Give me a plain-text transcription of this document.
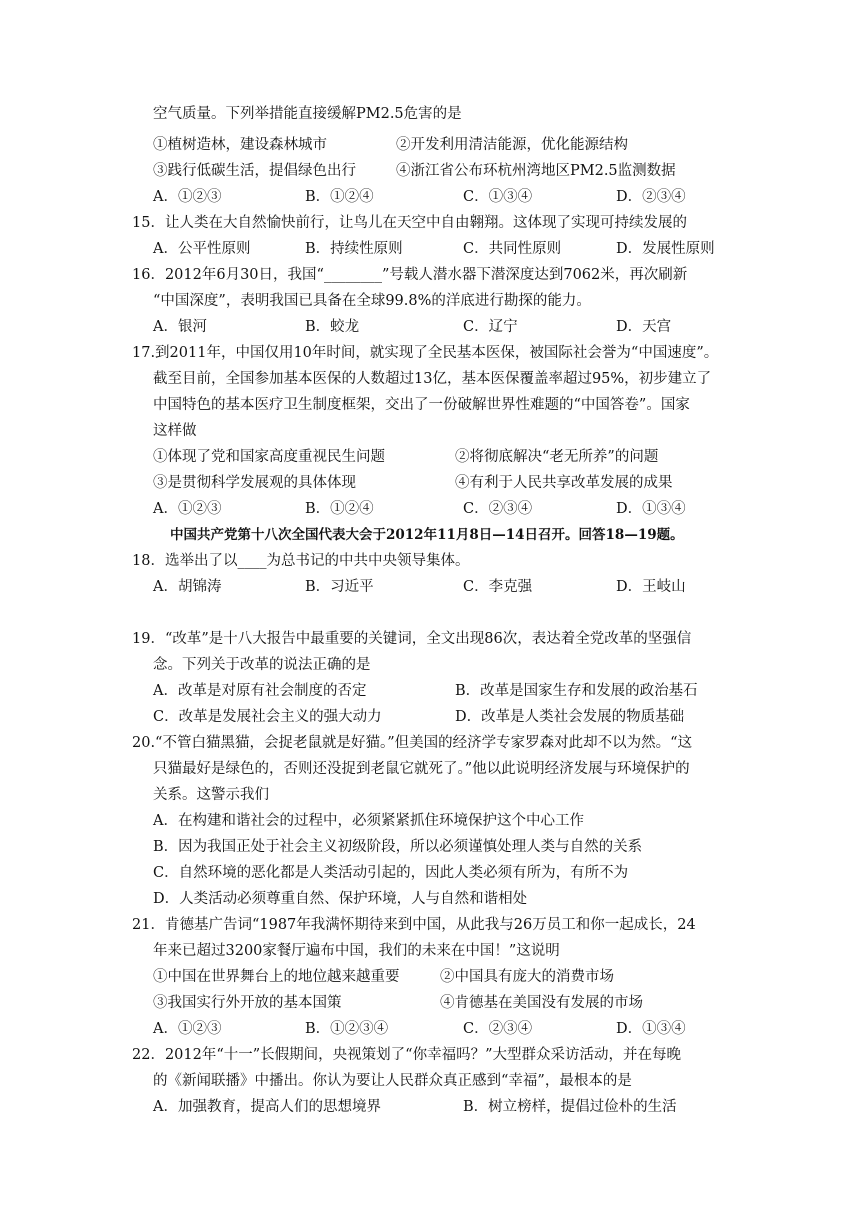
空气质量。下列举措能直接缓解PM2.5危害的是
①植树造林，建设森林城市	②开发利用清洁能源，优化能源结构
③践行低碳生活，提倡绿色出行	④浙江省公布环杭州湾地区PM2.5监测数据
A．①②③	B．①②④	C．①③④	D．②③④
15．让人类在大自然愉快前行，让鸟儿在天空中自由翱翔。这体现了实现可持续发展的
A．公平性原则	B．持续性原则	C．共同性原则	D．发展性原则
16．2012年6月30日，我国“________”号载人潜水器下潜深度达到7062米，再次刷新
“中国深度”，表明我国已具备在全球99.8%的洋底进行勘探的能力。
A．银河	B．蛟龙	C．辽宁	D．天宫
17.到2011年，中国仅用10年时间，就实现了全民基本医保，被国际社会誉为“中国速度”。
截至目前，全国参加基本医保的人数超过13亿，基本医保覆盖率超过95%，初步建立了
中国特色的基本医疗卫生制度框架，交出了一份破解世界性难题的“中国答卷”。国家
这样做
①体现了党和国家高度重视民生问题	②将彻底解决“老无所养”的问题
③是贯彻科学发展观的具体体现	④有利于人民共享改革发展的成果
A．①②③	B．①②④	C．②③④	D．①③④
中国共产党第十八次全国代表大会于2012年11月8日—14日召开。回答18—19题。
18．选举出了以____为总书记的中共中央领导集体。
A．胡锦涛	B．习近平	C．李克强	D．王岐山
19．“改革”是十八大报告中最重要的关键词，全文出现86次，表达着全党改革的坚强信
念。下列关于改革的说法正确的是
A．改革是对原有社会制度的否定	B．改革是国家生存和发展的政治基石
C．改革是发展社会主义的强大动力	D．改革是人类社会发展的物质基础
20.“不管白猫黑猫，会捉老鼠就是好猫。”但美国的经济学专家罗森对此却不以为然。“这
只猫最好是绿色的，否则还没捉到老鼠它就死了。”他以此说明经济发展与环境保护的
关系。这警示我们
A．在构建和谐社会的过程中，必须紧紧抓住环境保护这个中心工作
B．因为我国正处于社会主义初级阶段，所以必须谨慎处理人类与自然的关系
C．自然环境的恶化都是人类活动引起的，因此人类必须有所为，有所不为
D．人类活动必须尊重自然、保护环境，人与自然和谐相处
21．肯德基广告词“1987年我满怀期待来到中国，从此我与26万员工和你一起成长，24
年来已超过3200家餐厅遍布中国，我们的未来在中国！”这说明
①中国在世界舞台上的地位越来越重要	②中国具有庞大的消费市场
③我国实行外开放的基本国策	④肯德基在美国没有发展的市场
A．①②③	B．①②③④	C．②③④	D．①③④
22．2012年“十一”长假期间，央视策划了“你幸福吗？”大型群众采访活动，并在每晚
的《新闻联播》中播出。你认为要让人民群众真正感到“幸福”，最根本的是
A．加强教育，提高人们的思想境界	B．树立榜样，提倡过俭朴的生活
